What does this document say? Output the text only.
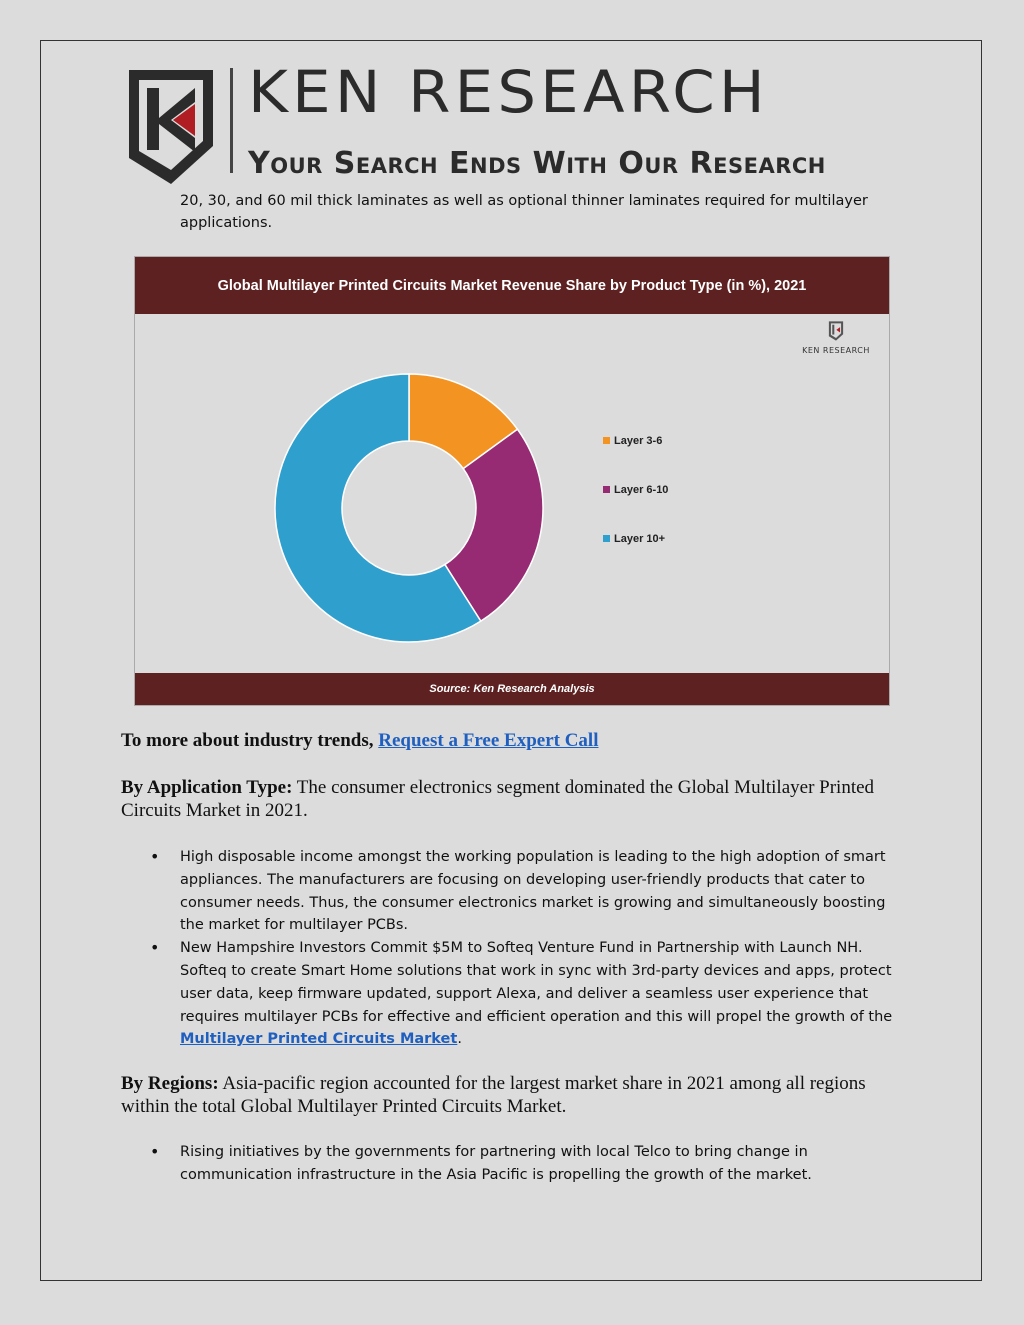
KEN RESEARCH
Your Search Ends With Our Research
20, 30, and 60 mil thick laminates as well as optional thinner laminates required for multilayer applications.
Global Multilayer Printed Circuits Market Revenue Share by Product Type (in %), 2021
KEN RESEARCH
Layer 3-6
Layer 6-10
Layer 10+
Source: Ken Research Analysis
To more about industry trends, Request a Free Expert Call
By Application Type: The consumer electronics segment dominated the Global Multilayer Printed Circuits Market in 2021.
• High disposable income amongst the working population is leading to the high adoption of smart appliances. The manufacturers are focusing on developing user-friendly products that cater to consumer needs. Thus, the consumer electronics market is growing and simultaneously boosting the market for multilayer PCBs.
• New Hampshire Investors Commit $5M to Softeq Venture Fund in Partnership with Launch NH. Softeq to create Smart Home solutions that work in sync with 3rd-party devices and apps, protect user data, keep firmware updated, support Alexa, and deliver a seamless user experience that requires multilayer PCBs for effective and efficient operation and this will propel the growth of the Multilayer Printed Circuits Market.
By Regions: Asia-pacific region accounted for the largest market share in 2021 among all regions within the total Global Multilayer Printed Circuits Market.
• Rising initiatives by the governments for partnering with local Telco to bring change in communication infrastructure in the Asia Pacific is propelling the growth of the market.
